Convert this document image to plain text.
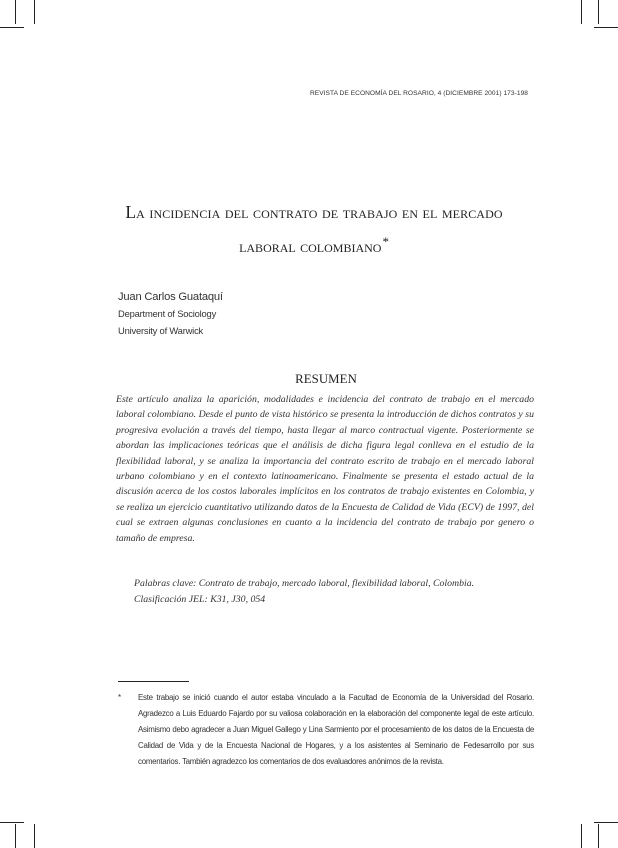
REVISTA DE ECONOMÍA DEL ROSARIO, 4 (DICIEMBRE 2001) 173-198
La incidencia del contrato de trabajo en el mercado
laboral colombiano*
Juan Carlos Guataquí
Department of Sociology
University of Warwick
RESUMEN

Este artículo analiza la aparición, modalidades e incidencia del contrato de trabajo en el mercado laboral colombiano. Desde el punto de vista histórico se presenta la introducción de dichos contratos y su progresiva evolución a través del tiempo, hasta llegar al marco contractual vigente. Posteriormente se abordan las implicaciones teóricas que el análisis de dicha figura legal conlleva en el estudio de la flexibilidad laboral, y se analiza la importancia del contrato escrito de trabajo en el mercado laboral urbano colombiano y en el contexto latinoamericano. Finalmente se presenta el estado actual de la discusión acerca de los costos laborales implícitos en los contratos de trabajo existentes en Colombia, y se realiza un ejercicio cuantitativo utilizando datos de la Encuesta de Calidad de Vida (ECV) de 1997, del cual se extraen algunas conclusiones en cuanto a la incidencia del contrato de trabajo por genero o tamaño de empresa.

Palabras clave: Contrato de trabajo, mercado laboral, flexibilidad laboral, Colombia.
Clasificación JEL: K31, J30, 054
* Este trabajo se inició cuando el autor estaba vinculado a la Facultad de Economía de la Universidad del Rosario. Agradezco a Luis Eduardo Fajardo por su valiosa colaboración en la elaboración del componente legal de este artículo. Asimismo debo agradecer a Juan Miguel Gallego y Lina Sarmiento por el procesamiento de los datos de la Encuesta de Calidad de Vida y de la Encuesta Nacional de Hogares, y a los asistentes al Seminario de Fedesarrollo por sus comentarios. También agradezco los comentarios de dos evaluadores anónimos de la revista.
